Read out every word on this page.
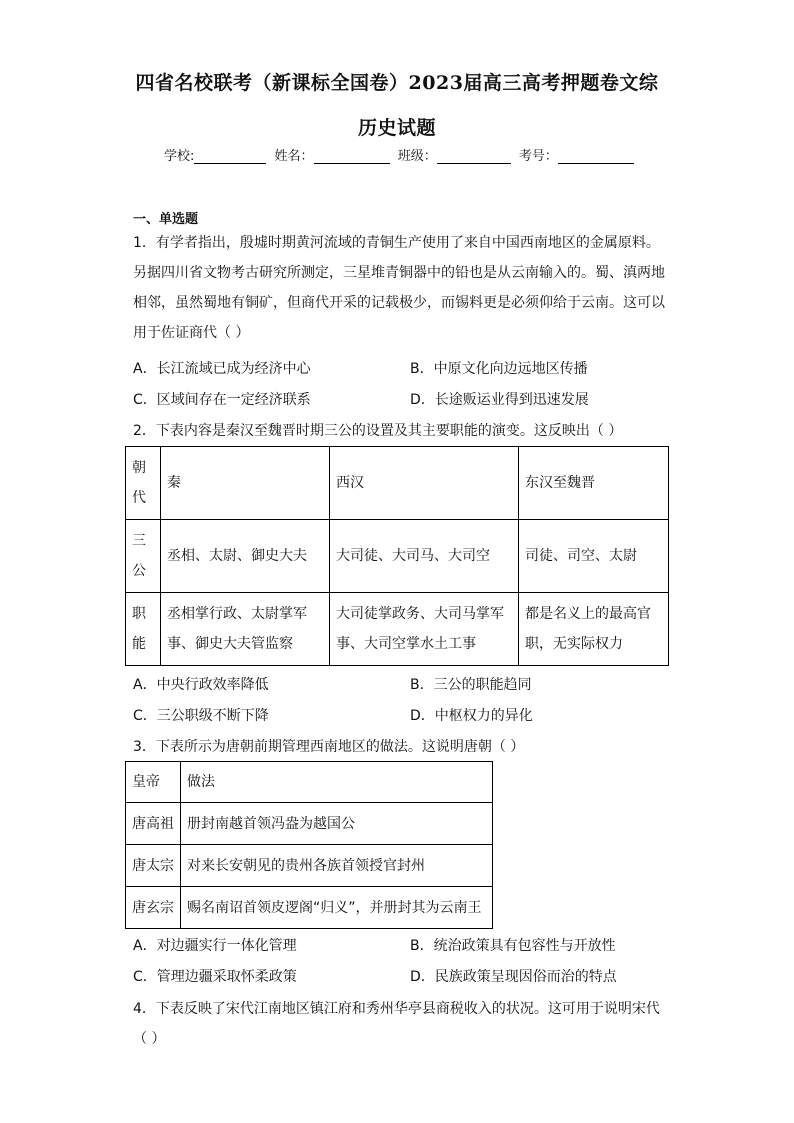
四省名校联考（新课标全国卷）2023届高三高考押题卷文综
历史试题
学校:	姓名：	班级：	考号：
一、单选题
1．有学者指出，殷墟时期黄河流域的青铜生产使用了来自中国西南地区的金属原料。
另据四川省文物考古研究所测定，三星堆青铜器中的铅也是从云南输入的。蜀、滇两地
相邻，虽然蜀地有铜矿，但商代开采的记载极少，而锡料更是必须仰给于云南。这可以
用于佐证商代（ ）
A．长江流域已成为经济中心	B．中原文化向边远地区传播
C．区域间存在一定经济联系	D．长途贩运业得到迅速发展
2．下表内容是秦汉至魏晋时期三公的设置及其主要职能的演变。这反映出（ ）
朝代	秦	西汉	东汉至魏晋
三公	丞相、太尉、御史大夫	大司徒、大司马、大司空	司徒、司空、太尉
职能	丞相掌行政、太尉掌军事、御史大夫管监察	大司徒掌政务、大司马掌军事、大司空掌水土工事	都是名义上的最高官职，无实际权力
A．中央行政效率降低	B．三公的职能趋同
C．三公职级不断下降	D．中枢权力的异化
3．下表所示为唐朝前期管理西南地区的做法。这说明唐朝（ ）
皇帝	做法
唐高祖	册封南越首领冯盎为越国公
唐太宗	对来长安朝见的贵州各族首领授官封州
唐玄宗	赐名南诏首领皮逻阁“归义”，并册封其为云南王
A．对边疆实行一体化管理	B．统治政策具有包容性与开放性
C．管理边疆采取怀柔政策	D．民族政策呈现因俗而治的特点
4．下表反映了宋代江南地区镇江府和秀州华亭县商税收入的状况。这可用于说明宋代
（ ）
